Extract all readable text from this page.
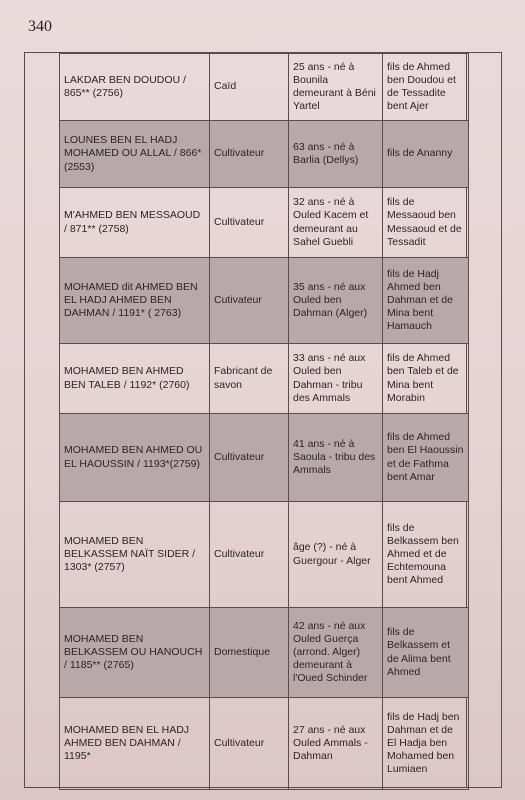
340
LAKDAR BEN DOUDOU / 865** (2756)	Caïd	25 ans - né à Bounila demeurant à Béni Yartel	fils de Ahmed ben Doudou et de Tessadite bent Ajer
LOUNES BEN EL HADJ MOHAMED OU ALLAL / 866* (2553)	Cultivateur	63 ans - né à Barlia (Dellys)	fils de Ananny
M'AHMED BEN MESSAOUD / 871** (2758)	Cultivateur	32 ans - né à Ouled Kacem et demeurant au Sahel Guebli	fils de Messaoud ben Messaoud et de Tessadit
MOHAMED dit AHMED BEN EL HADJ AHMED BEN DAHMAN / 1191* ( 2763)	Cutivateur	35 ans - né aux Ouled ben Dahman (Alger)	fils de Hadj Ahmed ben Dahman et de Mina bent Hamauch
MOHAMED BEN AHMED BEN TALEB / 1192* (2760)	Fabricant de savon	33 ans - né aux Ouled ben Dahman - tribu des Ammals	fils de Ahmed ben Taleb et de Mina bent Morabin
MOHAMED BEN AHMED OU EL HAOUSSIN / 1193*(2759)	Cultivateur	41 ans - né à Saoula - tribu des Ammals	fils de Ahmed ben El Haoussin et de Fathma bent Amar
MOHAMED BEN BELKASSEM NAÏT SIDER / 1303* (2757)	Cultivateur	âge (?) - né à Guergour - Alger	fils de Belkassem ben Ahmed et de Echtemouna bent Ahmed
MOHAMED BEN BELKASSEM OU HANOUCH / 1185** (2765)	Domestique	42 ans - né aux Ouled Guerça (arrond. Alger) demeurant à l'Oued Schinder	fils de Belkassem et de Alima bent Ahmed
MOHAMED BEN EL HADJ AHMED BEN DAHMAN / 1195*	Cultivateur	27 ans - né aux Ouled Ammals - Dahman	fils de Hadj ben Dahman et de El Hadja ben Mohamed ben Lumiaen
